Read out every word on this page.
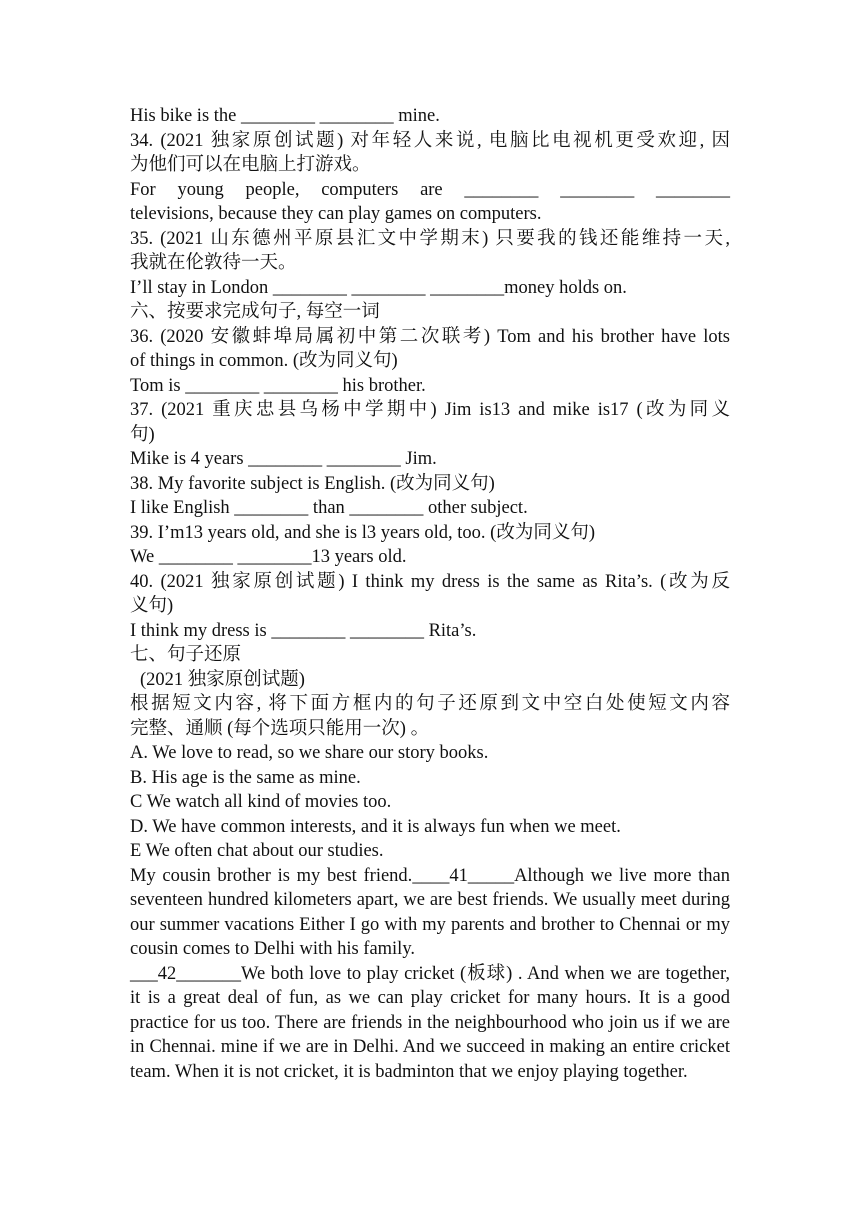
His bike is the ________ ________ mine.
34. (2021 独家原创试题) 对年轻人来说, 电脑比电视机更受欢迎, 因
为他们可以在电脑上打游戏。
For young people, computers are ________ ________ ________
televisions, because they can play games on computers.
35. (2021 山东德州平原县汇文中学期末) 只要我的钱还能维持一天,
我就在伦敦待一天。
I’ll stay in London ________ ________ ________money holds on.
六、按要求完成句子, 每空一词
36. (2020 安徽蚌埠局属初中第二次联考) Tom and his brother have lots
of things in common. (改为同义句)
Tom is ________ ________ his brother.
37. (2021 重庆忠县乌杨中学期中) Jim is13 and mike is17 (改为同义
句)
Mike is 4 years ________ ________ Jim.
38. My favorite subject is English. (改为同义句)
I like English ________ than ________ other subject.
39. I’m13 years old, and she is l3 years old, too. (改为同义句)
We ________ ________13 years old.
40. (2021 独家原创试题) I think my dress is the same as Rita’s. (改为反
义句)
I think my dress is ________ ________ Rita’s.
七、句子还原
(2021 独家原创试题)
根据短文内容, 将下面方框内的句子还原到文中空白处使短文内容
完整、通顺 (每个选项只能用一次) 。
A. We love to read, so we share our story books.
B. His age is the same as mine.
C We watch all kind of movies too.
D. We have common interests, and it is always fun when we meet.
E We often chat about our studies.
My cousin brother is my best friend.____41_____Although we live more than seventeen hundred kilometers apart, we are best friends. We usually meet during our summer vacations Either I go with my parents and brother to Chennai or my cousin comes to Delhi with his family.
___42_______We both love to play cricket (板球) . And when we are together, it is a great deal of fun, as we can play cricket for many hours. It is a good practice for us too. There are friends in the neighbourhood who join us if we are in Chennai. mine if we are in Delhi. And we succeed in making an entire cricket team. When it is not cricket, it is badminton that we enjoy playing together.
